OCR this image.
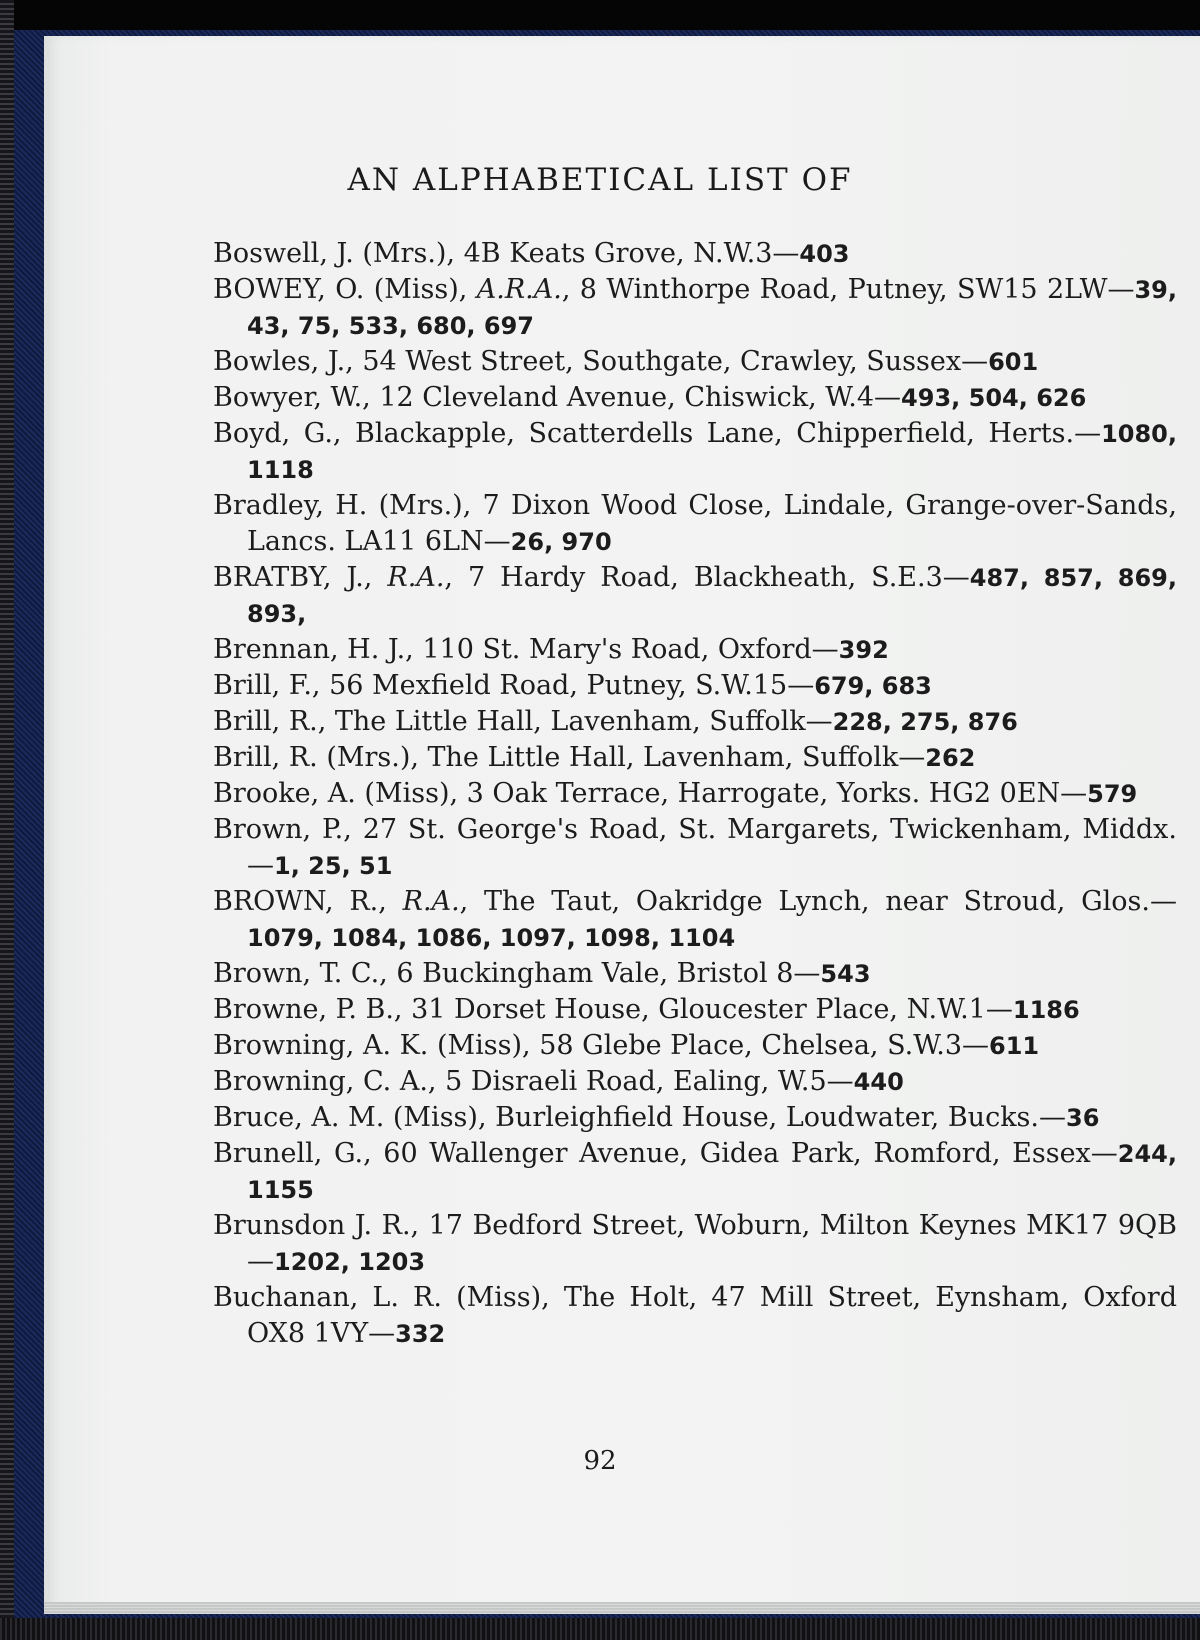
AN ALPHABETICAL LIST OF
Boswell, J. (Mrs.), 4B Keats Grove, N.W.3—403
BOWEY, O. (Miss), A.R.A., 8 Winthorpe Road, Putney, SW15 2LW—39, 43, 75, 533, 680, 697
Bowles, J., 54 West Street, Southgate, Crawley, Sussex—601
Bowyer, W., 12 Cleveland Avenue, Chiswick, W.4—493, 504, 626
Boyd, G., Blackapple, Scatterdells Lane, Chipperfield, Herts.—1080, 1118
Bradley, H. (Mrs.), 7 Dixon Wood Close, Lindale, Grange-over-Sands, Lancs. LA11 6LN—26, 970
BRATBY, J., R.A., 7 Hardy Road, Blackheath, S.E.3—487, 857, 869, 893,
Brennan, H. J., 110 St. Mary's Road, Oxford—392
Brill, F., 56 Mexfield Road, Putney, S.W.15—679, 683
Brill, R., The Little Hall, Lavenham, Suffolk—228, 275, 876
Brill, R. (Mrs.), The Little Hall, Lavenham, Suffolk—262
Brooke, A. (Miss), 3 Oak Terrace, Harrogate, Yorks. HG2 0EN—579
Brown, P., 27 St. George's Road, St. Margarets, Twickenham, Middx.—1, 25, 51
BROWN, R., R.A., The Taut, Oakridge Lynch, near Stroud, Glos.—1079, 1084, 1086, 1097, 1098, 1104
Brown, T. C., 6 Buckingham Vale, Bristol 8—543
Browne, P. B., 31 Dorset House, Gloucester Place, N.W.1—1186
Browning, A. K. (Miss), 58 Glebe Place, Chelsea, S.W.3—611
Browning, C. A., 5 Disraeli Road, Ealing, W.5—440
Bruce, A. M. (Miss), Burleighfield House, Loudwater, Bucks.—36
Brunell, G., 60 Wallenger Avenue, Gidea Park, Romford, Essex—244, 1155
Brunsdon J. R., 17 Bedford Street, Woburn, Milton Keynes MK17 9QB—1202, 1203
Buchanan, L. R. (Miss), The Holt, 47 Mill Street, Eynsham, Oxford OX8 1VY—332
92
